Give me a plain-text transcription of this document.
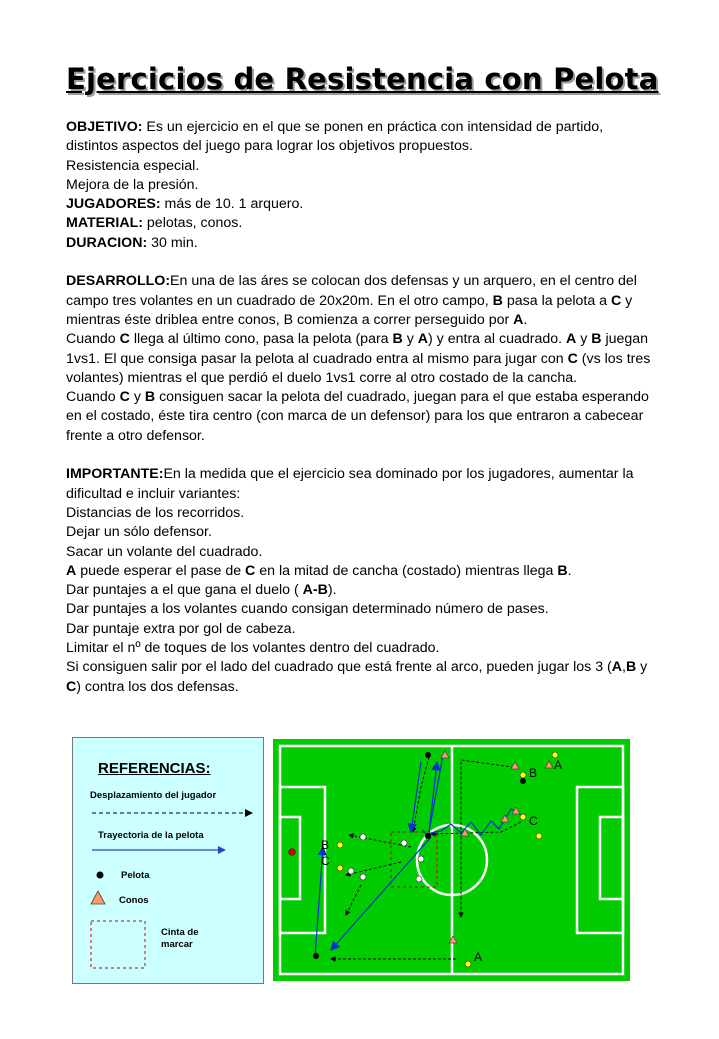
Ejercicios de Resistencia con Pelota

OBJETIVO: Es un ejercicio en el que se ponen en práctica con intensidad de partido, distintos aspectos del juego para lograr los objetivos propuestos.

Resistencia especial.

Mejora de la presión.

JUGADORES: más de 10. 1 arquero.

MATERIAL: pelotas, conos.

DURACION: 30 min.

DESARROLLO:En una de las áres se colocan dos defensas y un arquero, en el centro del campo tres volantes en un cuadrado de 20x20m. En el otro campo, B pasa la pelota a C y mientras éste driblea entre conos, B comienza a correr perseguido por A.

Cuando C llega al último cono, pasa la pelota (para B y A) y entra al cuadrado. A y B juegan 1vs1. El que consiga pasar la pelota al cuadrado entra al mismo para jugar con C (vs los tres volantes) mientras el que perdió el duelo 1vs1 corre al otro costado de la cancha.

Cuando C y B consiguen sacar la pelota del cuadrado, juegan para el que estaba esperando en el costado, éste tira centro (con marca de un defensor) para los que entraron a cabecear frente a otro defensor.

IMPORTANTE:En la medida que el ejercicio sea dominado por los jugadores, aumentar la dificultad e incluir variantes:

Distancias de los recorridos.

Dejar un sólo defensor.

Sacar un volante del cuadrado.

A puede esperar el pase de C en la mitad de cancha (costado) mientras llega B.

Dar puntajes a el que gana el duelo ( A-B).

Dar puntajes a los volantes cuando consigan determinado número de pases.

Dar puntaje extra por gol de cabeza.

Limitar el nº de toques de los volantes dentro del cuadrado.

Si consiguen salir por el lado del cuadrado que está frente al arco, pueden jugar los 3 (A,B y C) contra los dos defensas.

REFERENCIAS:
Desplazamiento del jugador
Trayectoria de la pelota
Pelota
Conos
Cinta de
marcar
A
B
C
B
C
A
